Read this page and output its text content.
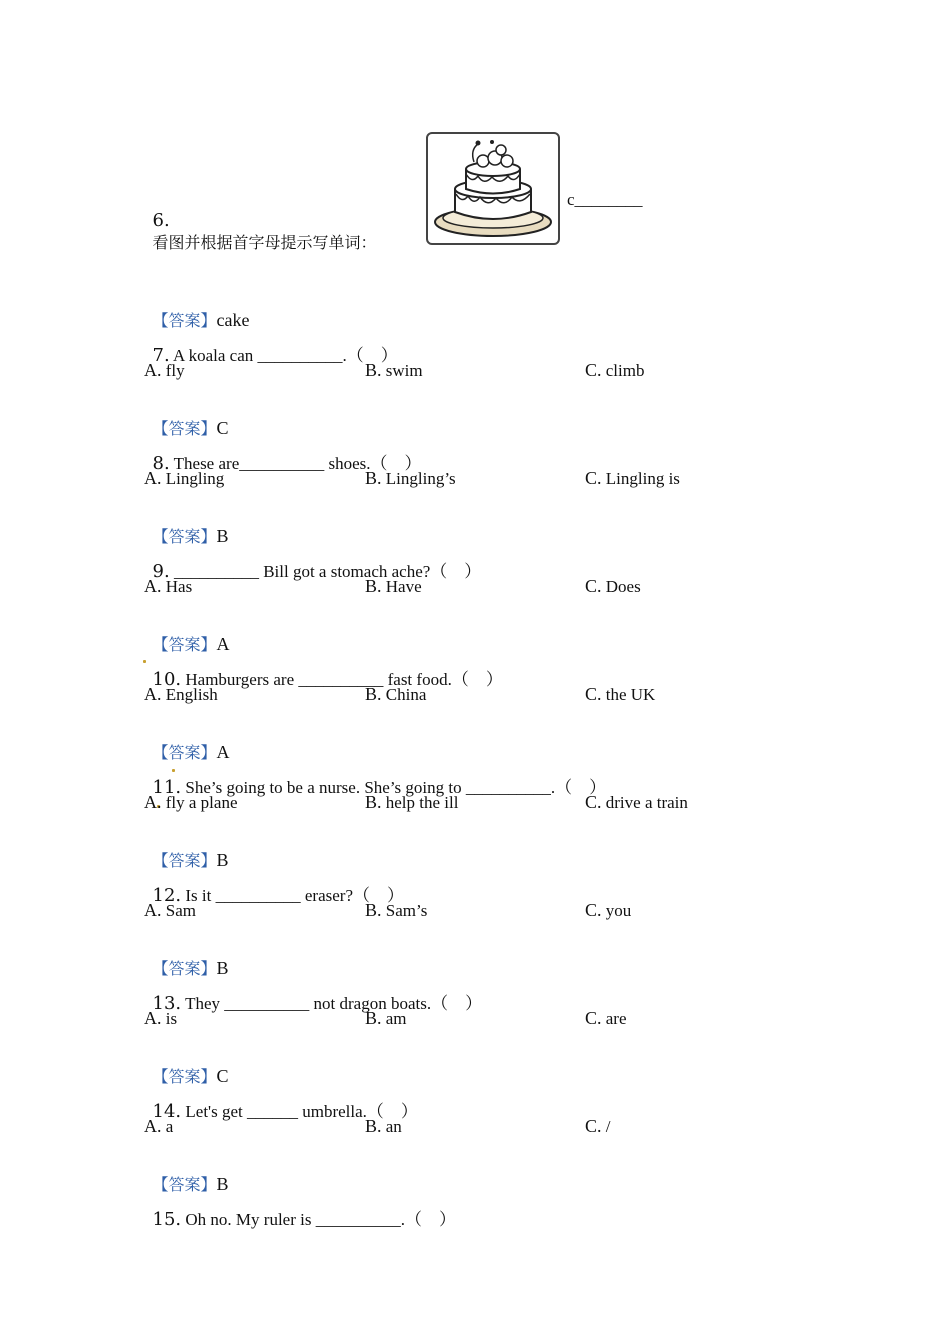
6.
看图并根据首字母提示写单词：

c________

【答案】cake

7. A koala can __________.（　）

A. fly	B. swim	C. climb

【答案】C

8. These are__________ shoes.（　）

A. Lingling	B. Lingling’s	C. Lingling is

【答案】B

9. __________ Bill got a stomach ache?（　）

A. Has	B. Have	C. Does

【答案】A

10. Hamburgers are __________ fast food.（　）

A. English	B. China	C. the UK

【答案】A

11. She’s going to be a nurse. She’s going to __________.（　）

A. fly a plane	B. help the ill	C. drive a train

【答案】B

12. Is it __________ eraser?（　）

A. Sam	B. Sam’s	C. you

【答案】B

13. They __________ not dragon boats.（　）

A. is	B. am	C. are

【答案】C

14. Let's get ______ umbrella.（　）

A. a	B. an	C. /

【答案】B

15. Oh no. My ruler is __________.（　）
